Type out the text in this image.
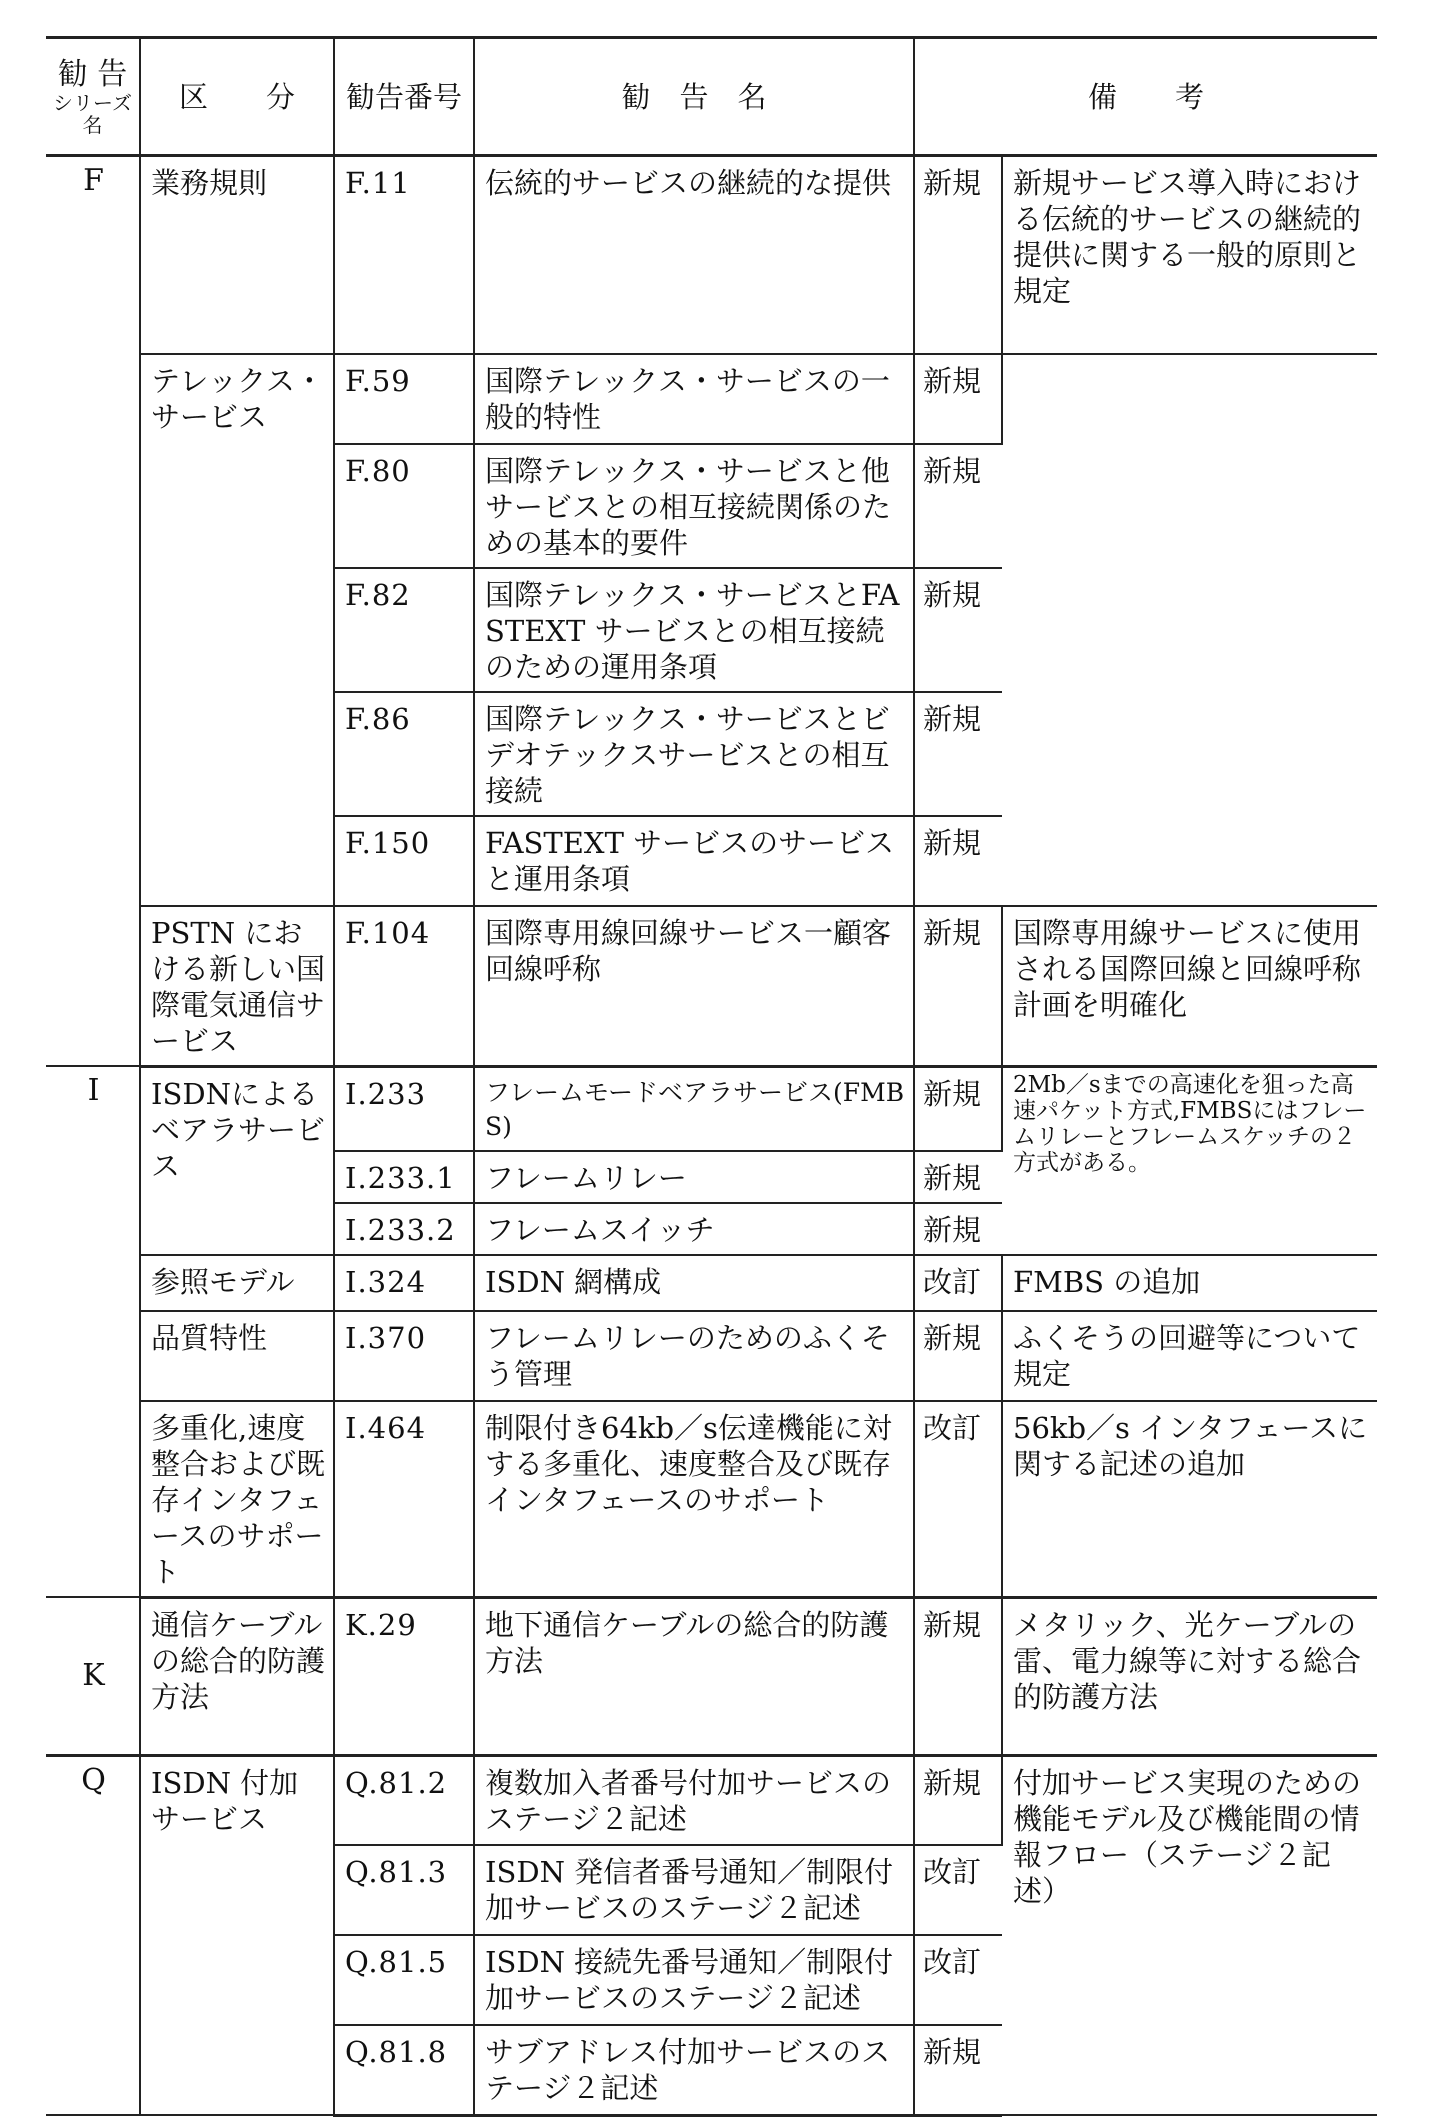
勧 告
シリーズ名	区　　分	勧告番号	勧　告　名	備　　考	
F	業務規則	F.11	伝統的サービスの継続的な提供	新規	新規サービス導入時における伝統的サービスの継続的提供に関する一般的原則と規定
	テレックス・サービス	F.59	国際テレックス・サービスの一般的特性	新規	
		F.80	国際テレックス・サービスと他サービスとの相互接続関係のための基本的要件	新規	
		F.82	国際テレックス・サービスとFASTEXT サービスとの相互接続のための運用条項	新規	
		F.86	国際テレックス・サービスとビデオテックスサービスとの相互接続	新規	
		F.150	FASTEXT サービスのサービスと運用条項	新規	
	PSTN における新しい国際電気通信サービス	F.104	国際専用線回線サービス一顧客回線呼称	新規	国際専用線サービスに使用される国際回線と回線呼称計画を明確化
I	ISDNによるベアラサービス	I.233	フレームモードベアラサービス(FMBS)	新規	2Mb／sまでの高速化を狙った高速パケット方式,FMBSにはフレームリレーとフレームスケッチの２方式がある。
		I.233.1	フレームリレー	新規	
		I.233.2	フレームスイッチ	新規	
	参照モデル	I.324	ISDN 網構成	改訂	FMBS の追加
	品質特性	I.370	フレームリレーのためのふくそう管理	新規	ふくそうの回避等について規定
	多重化,速度整合および既存インタフェースのサポート	I.464	制限付き64kb／s伝達機能に対する多重化、速度整合及び既存インタフェースのサポート	改訂	56kb／s インタフェースに関する記述の追加
K	通信ケーブルの総合的防護方法	K.29	地下通信ケーブルの総合的防護方法	新規	メタリック、光ケーブルの雷、電力線等に対する総合的防護方法
Q	ISDN 付加サービス	Q.81.2	複数加入者番号付加サービスのステージ２記述	新規	付加サービス実現のための機能モデル及び機能間の情報フロー（ステージ２記述）
		Q.81.3	ISDN 発信者番号通知／制限付加サービスのステージ２記述	改訂	
		Q.81.5	ISDN 接続先番号通知／制限付加サービスのステージ２記述	改訂	
		Q.81.8	サブアドレス付加サービスのステージ２記述	新規	
